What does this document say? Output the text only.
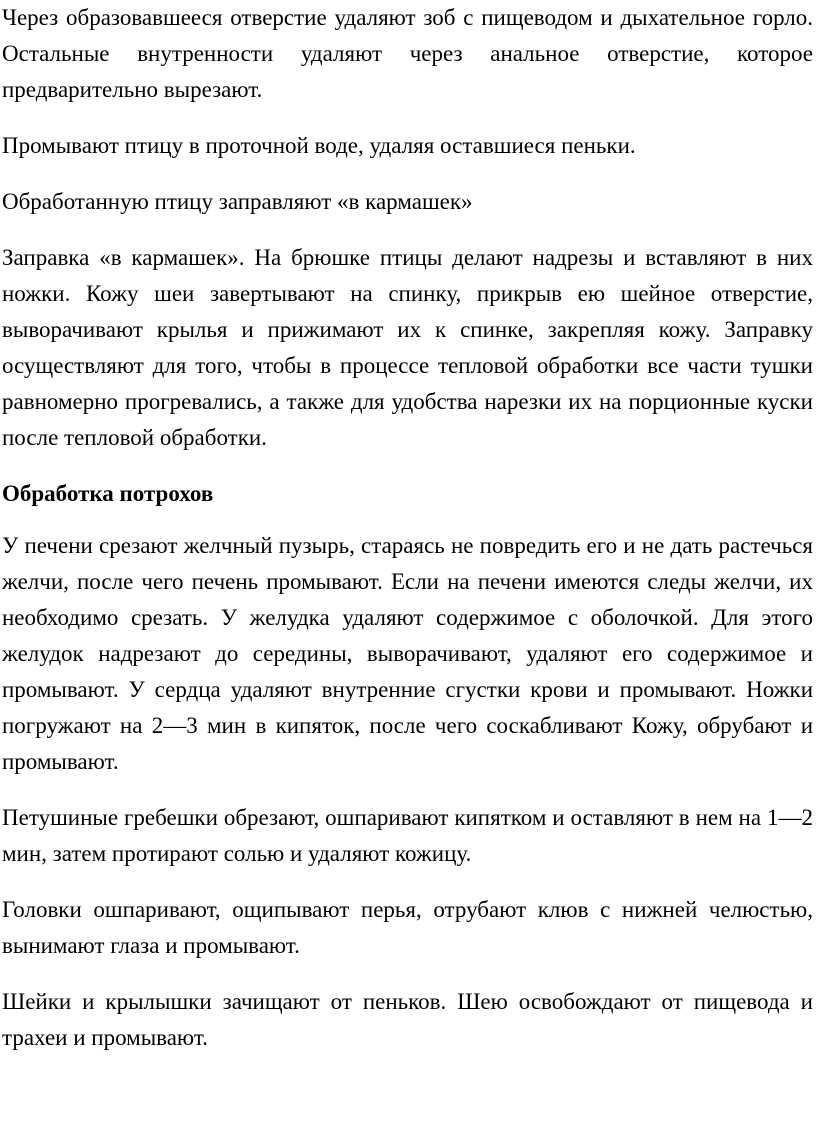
Через образовавшееся отверстие удаляют зоб с пищеводом и дыхательное горло. Остальные внутренности удаляют через анальное отверстие, которое предварительно вырезают.

Промывают птицу в проточной воде, удаляя оставшиеся пеньки.

Обработанную птицу заправляют «в кармашек»

Заправка «в кармашек». На брюшке птицы делают надрезы и вставляют в них ножки. Кожу шеи завертывают на спинку, прикрыв ею шейное отверстие, выворачивают крылья и прижимают их к спинке, закрепляя кожу. Заправку осуществляют для того, чтобы в процессе тепловой обработки все части тушки равномерно прогревались, а также для удобства нарезки их на порционные куски после тепловой обработки.

Обработка потрохов

У печени срезают желчный пузырь, стараясь не повредить его и не дать растечься желчи, после чего печень промывают. Если на печени имеются следы желчи, их необходимо срезать. У желудка удаляют содержимое с оболочкой. Для этого желудок надрезают до середины, выворачивают, удаляют его содержимое и промывают. У сердца удаляют внутренние сгустки крови и промывают. Ножки погружают на 2—3 мин в кипяток, после чего соскабливают Кожу, обрубают и промывают.

Петушиные гребешки обрезают, ошпаривают кипятком и оставляют в нем на 1—2 мин, затем протирают солью и удаляют кожицу.

Головки ошпаривают, ощипывают перья, отрубают клюв с нижней челюстью, вынимают глаза и промывают.

Шейки и крылышки зачищают от пеньков. Шею освобождают от пищевода и трахеи и промывают.
